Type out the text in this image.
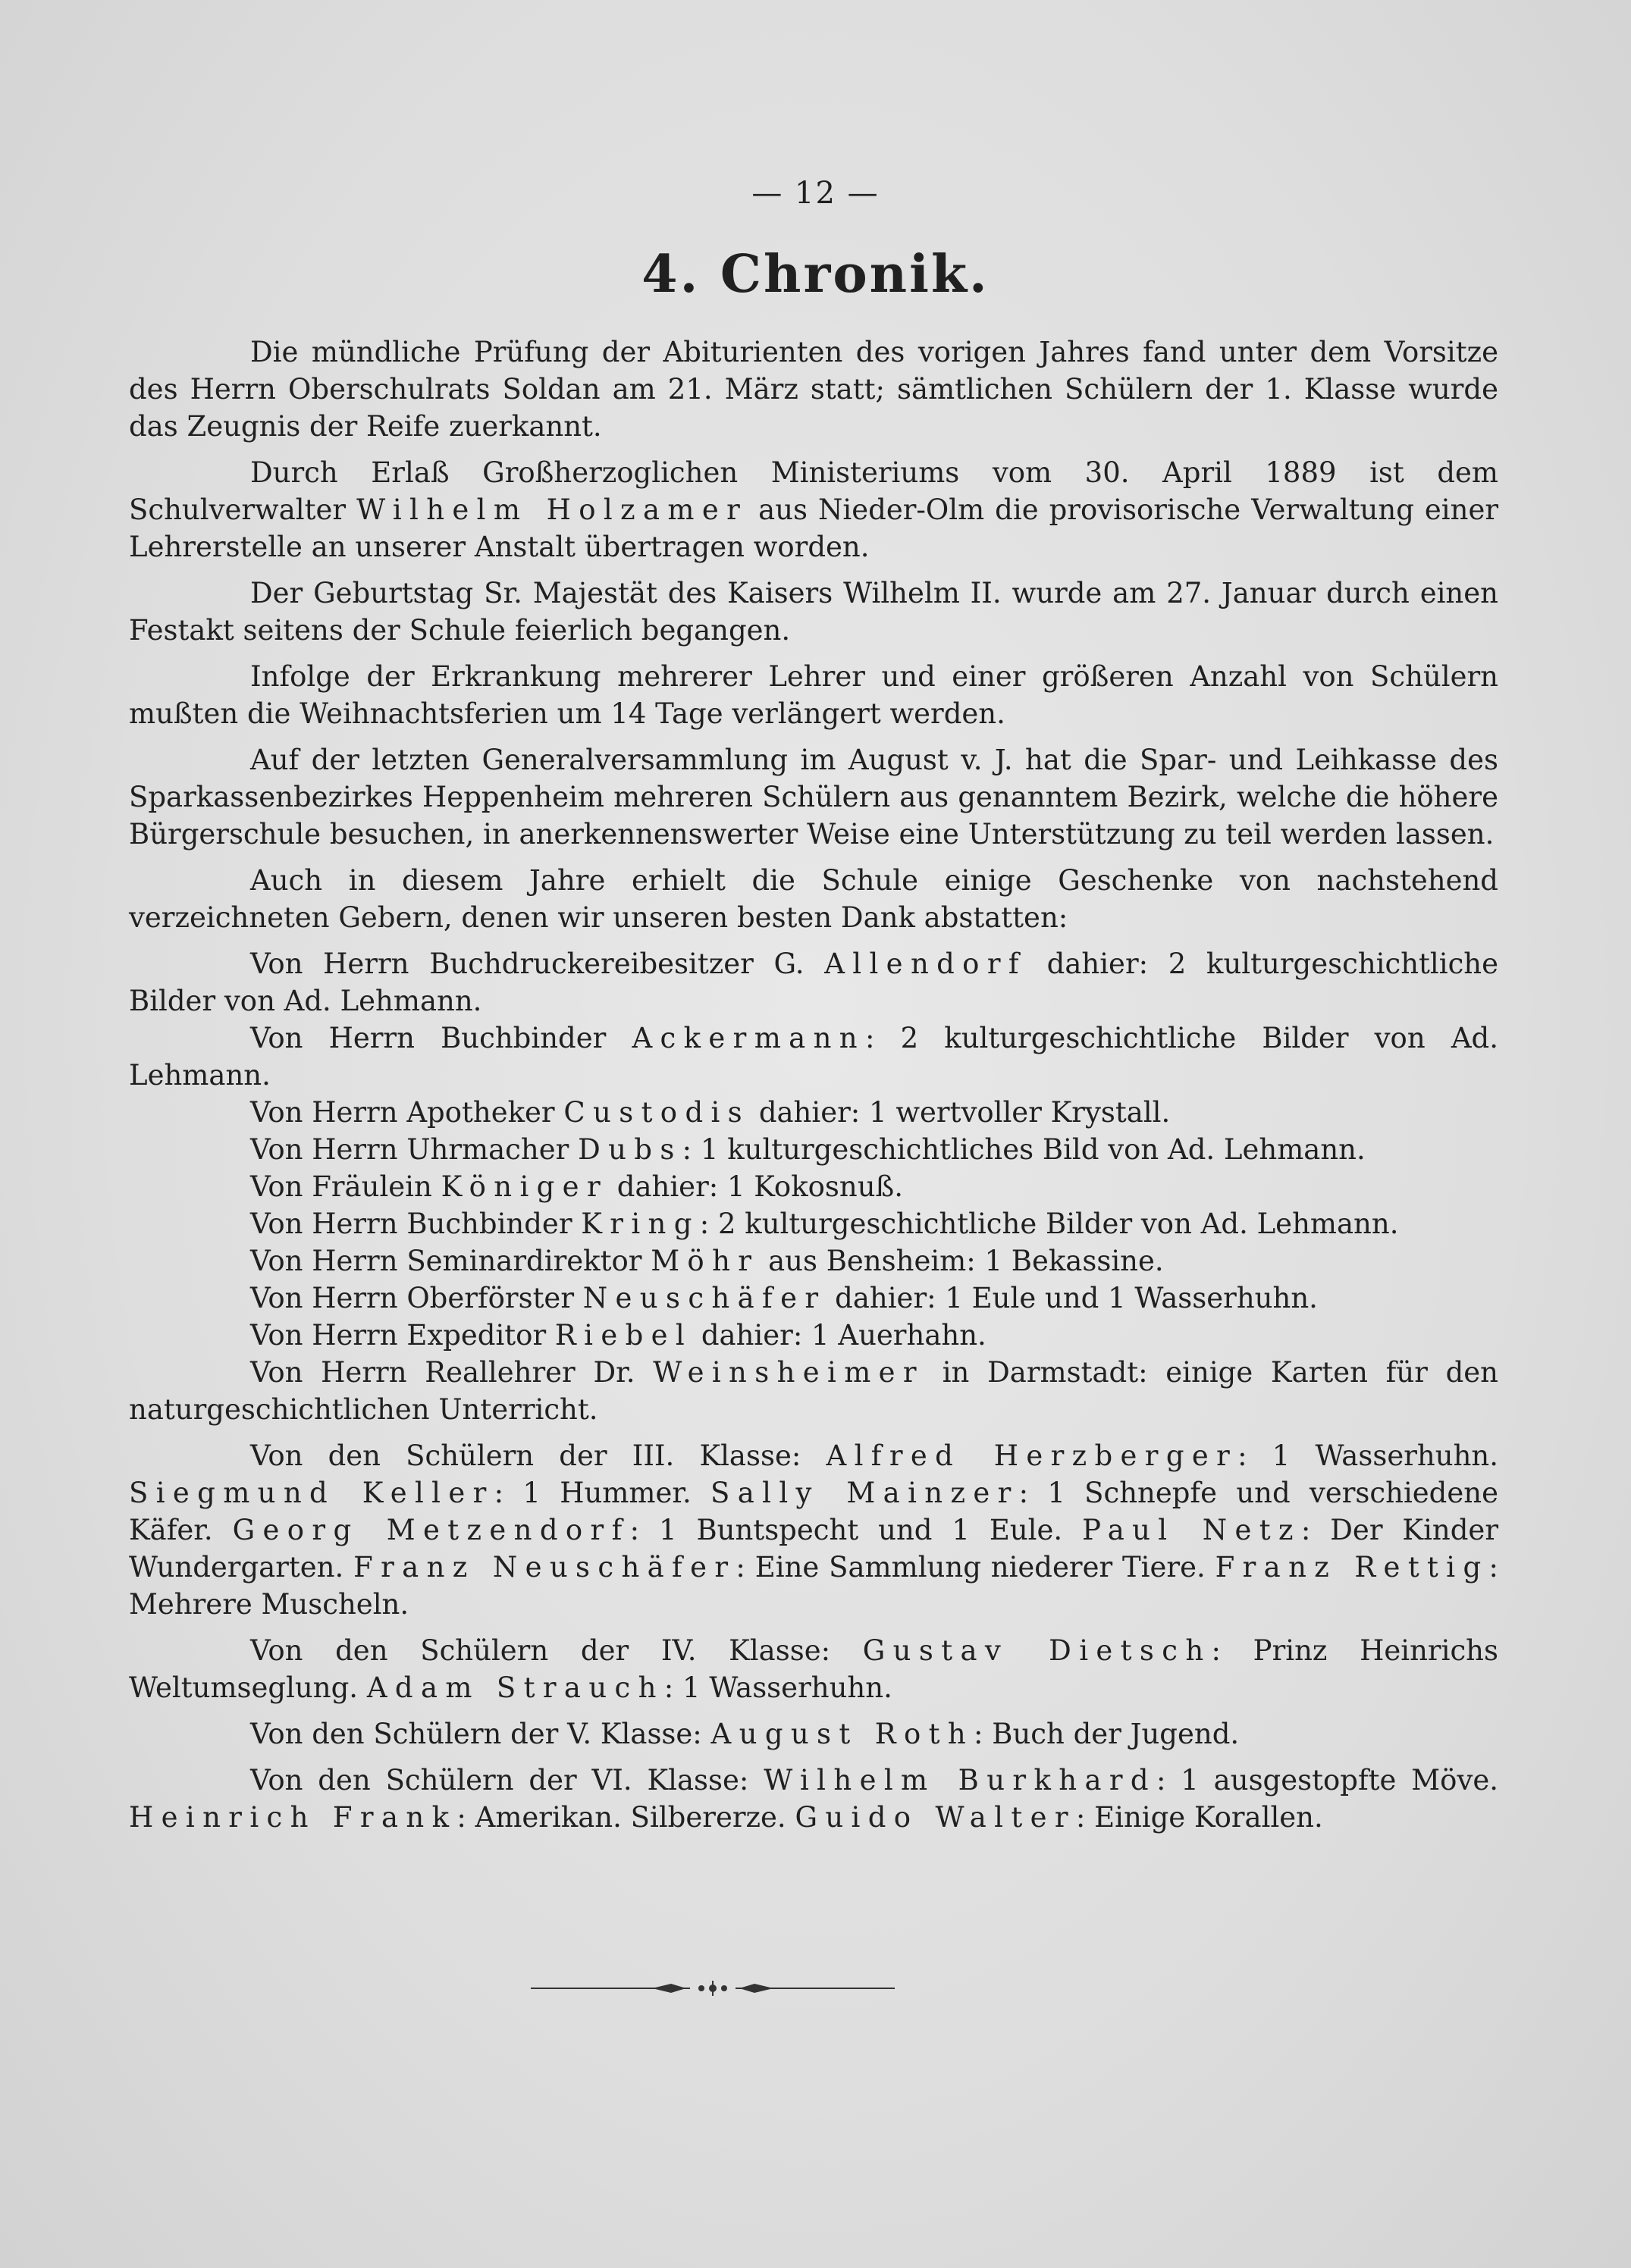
— 12 —
4. Chronik.

Die mündliche Prüfung der Abiturienten des vorigen Jahres fand unter dem Vorsitze des Herrn Oberschulrats Soldan am 21. März statt; sämtlichen Schülern der 1. Klasse wurde das Zeugnis der Reife zuerkannt.

Durch Erlaß Großherzoglichen Ministeriums vom 30. April 1889 ist dem Schulverwalter Wilhelm Holzamer aus Nieder-Olm die provisorische Verwaltung einer Lehrerstelle an unserer Anstalt übertragen worden.

Der Geburtstag Sr. Majestät des Kaisers Wilhelm II. wurde am 27. Januar durch einen Festakt seitens der Schule feierlich begangen.

Infolge der Erkrankung mehrerer Lehrer und einer größeren Anzahl von Schülern mußten die Weihnachtsferien um 14 Tage verlängert werden.

Auf der letzten Generalversammlung im August v. J. hat die Spar- und Leihkasse des Sparkassenbezirkes Heppenheim mehreren Schülern aus genanntem Bezirk, welche die höhere Bürgerschule besuchen, in anerkennenswerter Weise eine Unterstützung zu teil werden lassen.

Auch in diesem Jahre erhielt die Schule einige Geschenke von nachstehend verzeichneten Gebern, denen wir unseren besten Dank abstatten:

Von Herrn Buchdruckereibesitzer G. Allendorf dahier: 2 kulturgeschichtliche Bilder von Ad. Lehmann.

Von Herrn Buchbinder Ackermann: 2 kulturgeschichtliche Bilder von Ad. Lehmann.

Von Herrn Apotheker Custodis dahier: 1 wertvoller Krystall.

Von Herrn Uhrmacher Dubs: 1 kulturgeschichtliches Bild von Ad. Lehmann.

Von Fräulein Königer dahier: 1 Kokosnuß.

Von Herrn Buchbinder Kring: 2 kulturgeschichtliche Bilder von Ad. Lehmann.

Von Herrn Seminardirektor Möhr aus Bensheim: 1 Bekassine.

Von Herrn Oberförster Neuschäfer dahier: 1 Eule und 1 Wasserhuhn.

Von Herrn Expeditor Riebel dahier: 1 Auerhahn.

Von Herrn Reallehrer Dr. Weinsheimer in Darmstadt: einige Karten für den naturgeschichtlichen Unterricht.

Von den Schülern der III. Klasse: Alfred Herzberger: 1 Wasserhuhn. Siegmund Keller: 1 Hummer. Sally Mainzer: 1 Schnepfe und verschiedene Käfer. Georg Metzendorf: 1 Buntspecht und 1 Eule. Paul Netz: Der Kinder Wundergarten. Franz Neuschäfer: Eine Sammlung niederer Tiere. Franz Rettig: Mehrere Muscheln.

Von den Schülern der IV. Klasse: Gustav Dietsch: Prinz Heinrichs Weltumseglung. Adam Strauch: 1 Wasserhuhn.

Von den Schülern der V. Klasse: August Roth: Buch der Jugend.

Von den Schülern der VI. Klasse: Wilhelm Burkhard: 1 ausgestopfte Möve. Heinrich Frank: Amerikan. Silbererze. Guido Walter: Einige Korallen.
